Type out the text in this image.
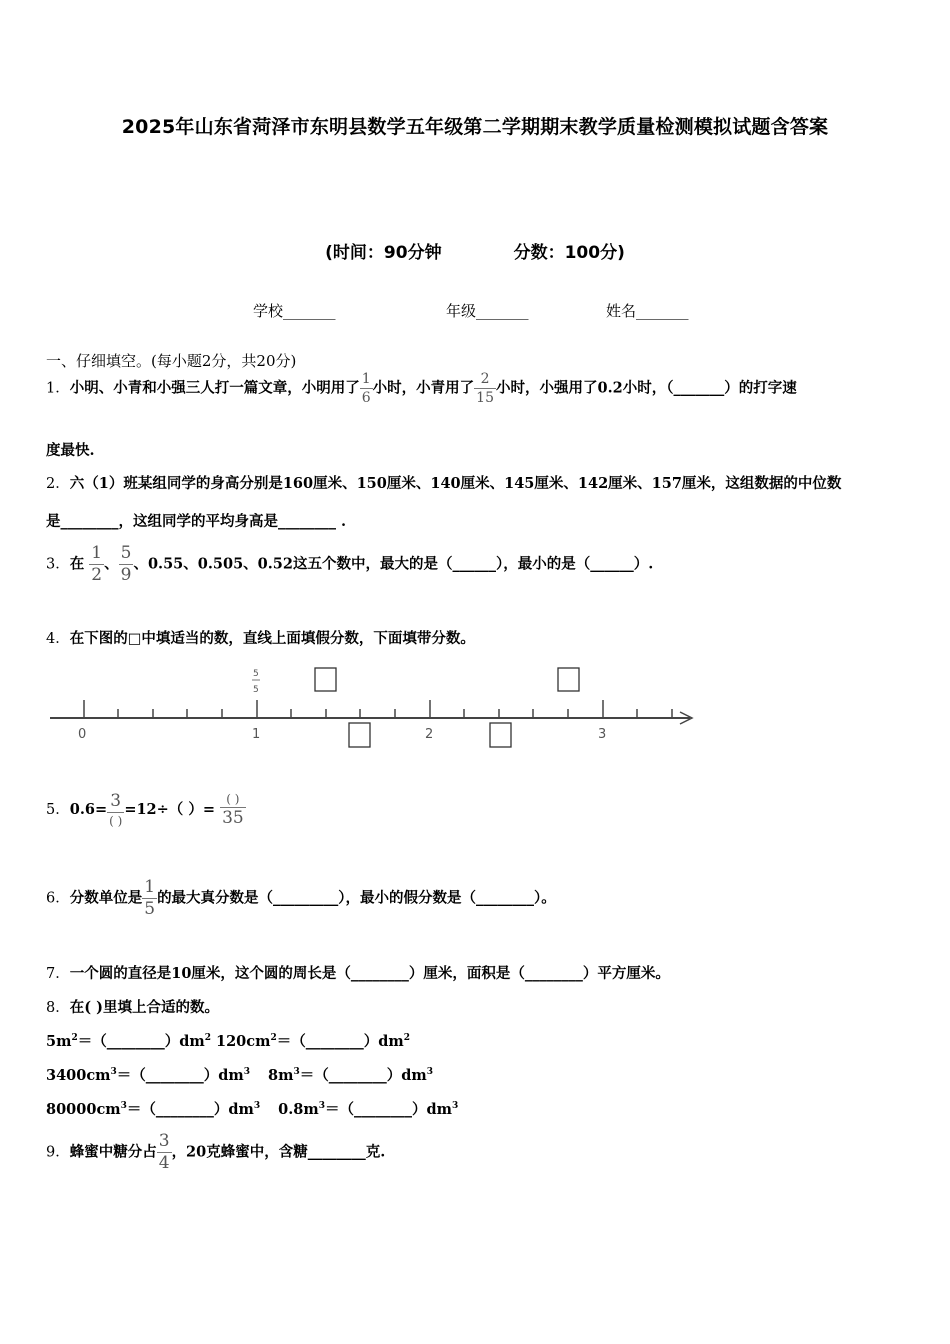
2025年山东省菏泽市东明县数学五年级第二学期期末教学质量检测模拟试题含答案
(时间：90分钟	分数：100分)
学校_______	年级_______	姓名_______
一、仔细填空。(每小题2分，共20分)
1．小明、小青和小强三人打一篇文章，小明用了 $\frac{1}{6}$ 小时，小青用了 $\frac{2}{15}$ 小时，小强用了0.2小时，（_______）的打字速
度最快.
2．六（1）班某组同学的身高分别是160厘米、150厘米、140厘米、145厘米、142厘米、157厘米，这组数据的中位数
是________，这组同学的平均身高是________ .
3．在 $\frac{1}{2}$ 、 $\frac{5}{9}$ 、0.55、0.505、0.52这五个数中，最大的是（______），最小的是（______）.
4．在下图的□中填适当的数，直线上面填假分数，下面填带分数。
0	1	2	3
5
5
5．$0.6= \frac{3}{( )} =12\div$（ ）= $\frac{( )}{35}$
6．分数单位是 $\frac{1}{5}$ 的最大真分数是（_________），最小的假分数是（________）。
7．一个圆的直径是10厘米，这个圆的周长是（________）厘米，面积是（________）平方厘米。
8．在( )里填上合适的数。
$5m^2=(\_\_\_\_\_\_\_\_)dm^2$ $120cm^2=(\_\_\_\_\_\_\_\_)dm^2$
$3400cm^3=(\_\_\_\_\_\_\_\_)dm^3$ $8m^3=(\_\_\_\_\_\_\_\_)dm^3$
$80000cm^3=(\_\_\_\_\_\_\_\_)dm^3$ $0.8m^3=(\_\_\_\_\_\_\_\_)dm^3$
9．蜂蜜中糖分占 $\frac{3}{4}$ ，20克蜂蜜中，含糖________克.
